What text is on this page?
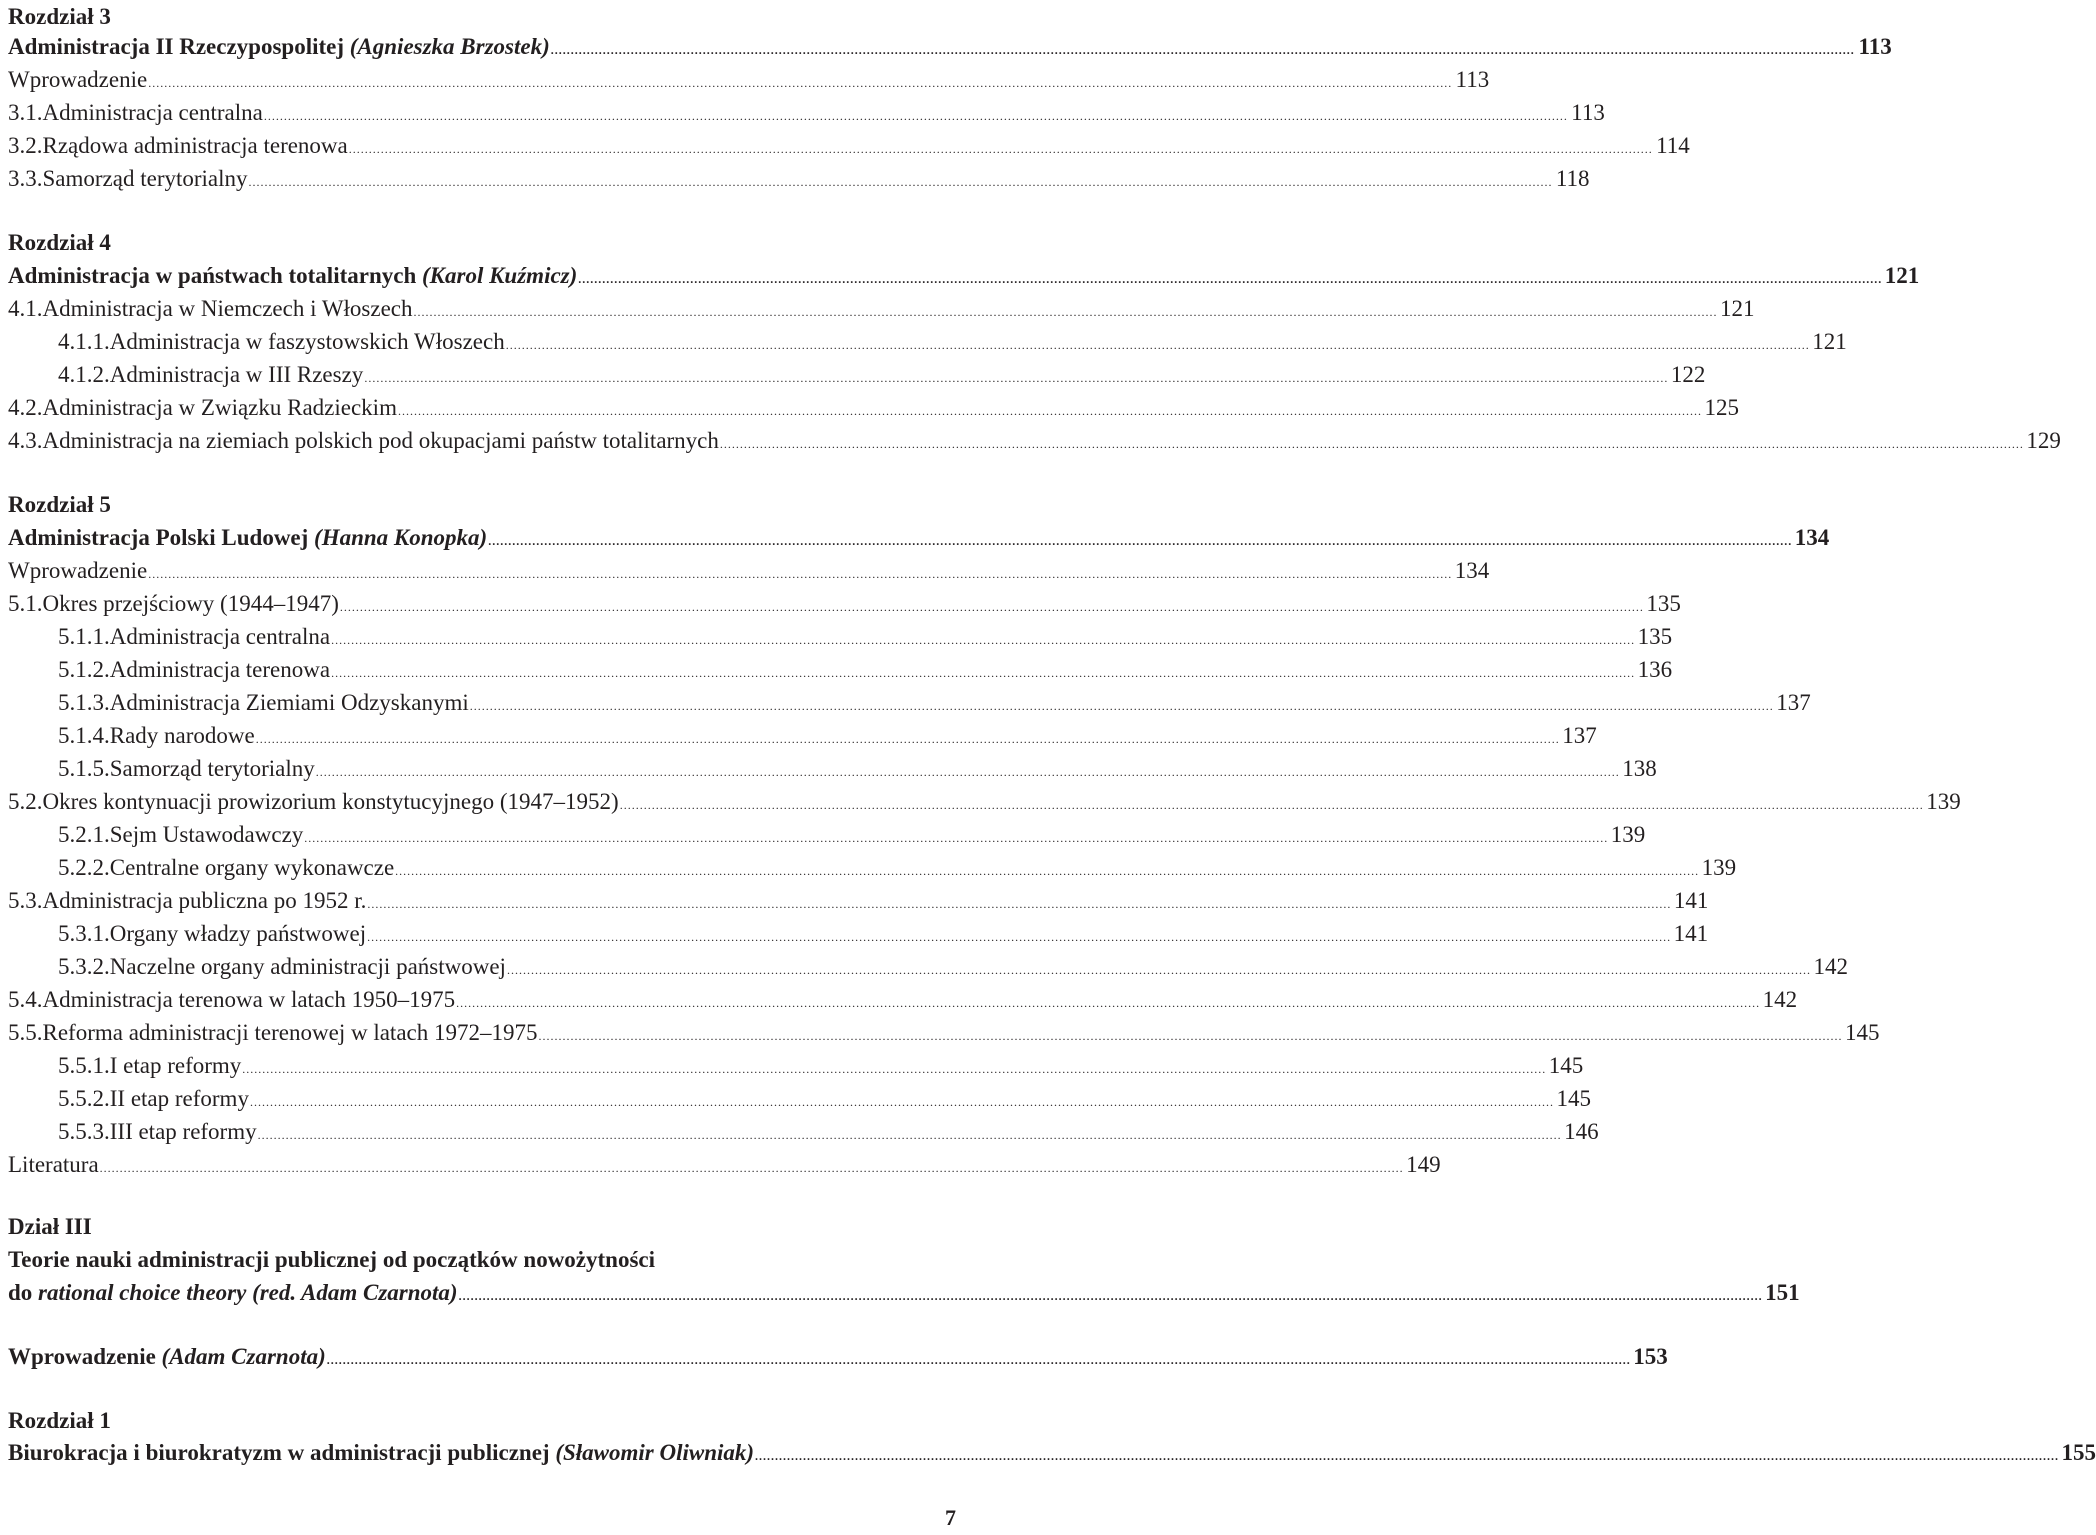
Rozdział 3
Administracja II Rzeczypospolitej (Agnieszka Brzostek) .....	113
Wprowadzenie .....	113
3.1. Administracja centralna .....	113
3.2. Rządowa administracja terenowa .....	114
3.3. Samorząd terytorialny .....	118
Rozdział 4
Administracja w państwach totalitarnych (Karol Kuźmicz) .....	121
4.1. Administracja w Niemczech i Włoszech .....	121
4.1.1. Administracja w faszystowskich Włoszech .....	121
4.1.2. Administracja w III Rzeszy .....	122
4.2. Administracja w Związku Radzieckim .....	125
4.3. Administracja na ziemiach polskich pod okupacjami państw totalitarnych .....	129
Rozdział 5
Administracja Polski Ludowej (Hanna Konopka) .....	134
Wprowadzenie .....	134
5.1. Okres przejściowy (1944–1947) .....	135
5.1.1. Administracja centralna .....	135
5.1.2. Administracja terenowa .....	136
5.1.3. Administracja Ziemiami Odzyskanymi .....	137
5.1.4. Rady narodowe .....	137
5.1.5. Samorząd terytorialny .....	138
5.2. Okres kontynuacji prowizorium konstytucyjnego (1947–1952) .....	139
5.2.1. Sejm Ustawodawczy .....	139
5.2.2. Centralne organy wykonawcze .....	139
5.3. Administracja publiczna po 1952 r. .....	141
5.3.1. Organy władzy państwowej .....	141
5.3.2. Naczelne organy administracji państwowej .....	142
5.4. Administracja terenowa w latach 1950–1975 .....	142
5.5. Reforma administracji terenowej w latach 1972–1975 .....	145
5.5.1. I etap reformy .....	145
5.5.2. II etap reformy .....	145
5.5.3. III etap reformy .....	146
Literatura .....	149
Dział III
Teorie nauki administracji publicznej od początków nowożytności
do rational choice theory (red. Adam Czarnota) .....	151
Wprowadzenie (Adam Czarnota) .....	153
Rozdział 1
Biurokracja i biurokratyzm w administracji publicznej (Sławomir Oliwniak) .....	155
7
